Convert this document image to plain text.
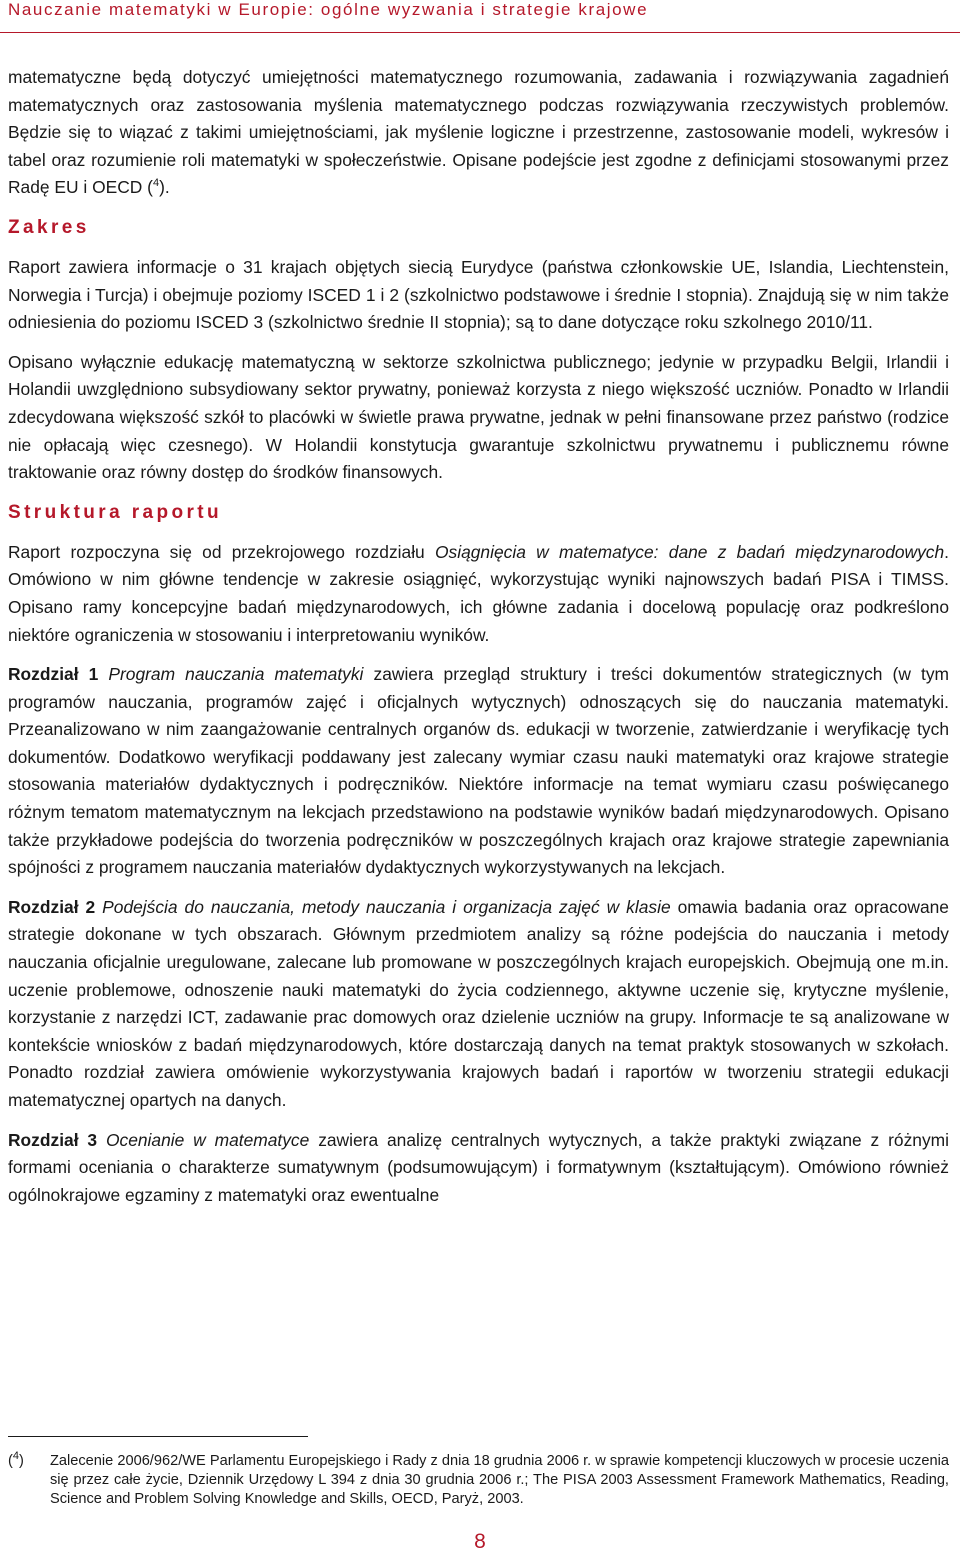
Nauczanie matematyki w Europie: ogólne wyzwania i strategie krajowe

matematyczne będą dotyczyć umiejętności matematycznego rozumowania, zadawania i rozwiązywania zagadnień matematycznych oraz zastosowania myślenia matematycznego podczas rozwiązywania rzeczywistych problemów. Będzie się to wiązać z takimi umiejętnościami, jak myślenie logiczne i przestrzenne, zastosowanie modeli, wykresów i tabel oraz rozumienie roli matematyki w społeczeństwie. Opisane podejście jest zgodne z definicjami stosowanymi przez Radę EU i OECD ($^4$).

Zakres

Raport zawiera informacje o 31 krajach objętych siecią Eurydyce (państwa członkowskie UE, Islandia, Liechtenstein, Norwegia i Turcja) i obejmuje poziomy ISCED 1 i 2 (szkolnictwo podstawowe i średnie I stopnia). Znajdują się w nim także odniesienia do poziomu ISCED 3 (szkolnictwo średnie II stopnia); są to dane dotyczące roku szkolnego 2010/11.

Opisano wyłącznie edukację matematyczną w sektorze szkolnictwa publicznego; jedynie w przypadku Belgii, Irlandii i Holandii uwzględniono subsydiowany sektor prywatny, ponieważ korzysta z niego większość uczniów. Ponadto w Irlandii zdecydowana większość szkół to placówki w świetle prawa prywatne, jednak w pełni finansowane przez państwo (rodzice nie opłacają więc czesnego). W Holandii konstytucja gwarantuje szkolnictwu prywatnemu i publicznemu równe traktowanie oraz równy dostęp do środków finansowych.

Struktura raportu

Raport rozpoczyna się od przekrojowego rozdziału Osiągnięcia w matematyce: dane z badań międzynarodowych. Omówiono w nim główne tendencje w zakresie osiągnięć, wykorzystując wyniki najnowszych badań PISA i TIMSS. Opisano ramy koncepcyjne badań międzynarodowych, ich główne zadania i docelową populację oraz podkreślono niektóre ograniczenia w stosowaniu i interpretowaniu wyników.

Rozdział 1 Program nauczania matematyki zawiera przegląd struktury i treści dokumentów strategicznych (w tym programów nauczania, programów zajęć i oficjalnych wytycznych) odnoszących się do nauczania matematyki. Przeanalizowano w nim zaangażowanie centralnych organów ds. edukacji w tworzenie, zatwierdzanie i weryfikację tych dokumentów. Dodatkowo weryfikacji poddawany jest zalecany wymiar czasu nauki matematyki oraz krajowe strategie stosowania materiałów dydaktycznych i podręczników. Niektóre informacje na temat wymiaru czasu poświęcanego różnym tematom matematycznym na lekcjach przedstawiono na podstawie wyników badań międzynarodowych. Opisano także przykładowe podejścia do tworzenia podręczników w poszczególnych krajach oraz krajowe strategie zapewniania spójności z programem nauczania materiałów dydaktycznych wykorzystywanych na lekcjach.

Rozdział 2 Podejścia do nauczania, metody nauczania i organizacja zajęć w klasie omawia badania oraz opracowane strategie dokonane w tych obszarach. Głównym przedmiotem analizy są różne podejścia do nauczania i metody nauczania oficjalnie uregulowane, zalecane lub promowane w poszczególnych krajach europejskich. Obejmują one m.in. uczenie problemowe, odnoszenie nauki matematyki do życia codziennego, aktywne uczenie się, krytyczne myślenie, korzystanie z narzędzi ICT, zadawanie prac domowych oraz dzielenie uczniów na grupy. Informacje te są analizowane w kontekście wniosków z badań międzynarodowych, które dostarczają danych na temat praktyk stosowanych w szkołach. Ponadto rozdział zawiera omówienie wykorzystywania krajowych badań i raportów w tworzeniu strategii edukacji matematycznej opartych na danych.

Rozdział 3 Ocenianie w matematyce zawiera analizę centralnych wytycznych, a także praktyki związane z różnymi formami oceniania o charakterze sumatywnym (podsumowującym) i formatywnym (kształtującym). Omówiono również ogólnokrajowe egzaminy z matematyki oraz ewentualne

($^4$) Zalecenie 2006/962/WE Parlamentu Europejskiego i Rady z dnia 18 grudnia 2006 r. w sprawie kompetencji kluczowych w procesie uczenia się przez całe życie, Dziennik Urzędowy L 394 z dnia 30 grudnia 2006 r.; The PISA 2003 Assessment Framework Mathematics, Reading, Science and Problem Solving Knowledge and Skills, OECD, Paryż, 2003.
8
